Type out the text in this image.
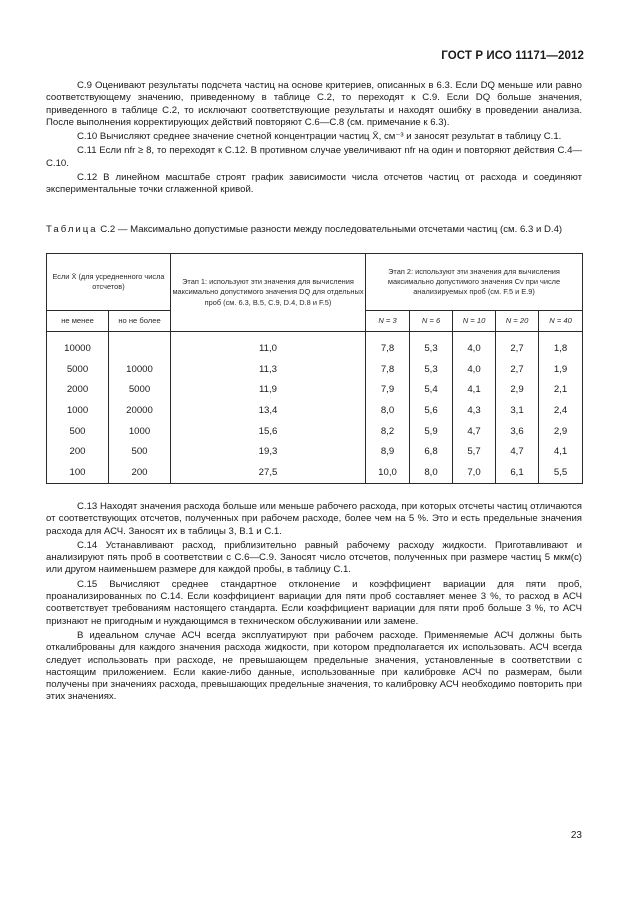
ГОСТ Р ИСО 11171—2012

С.9 Оценивают результаты подсчета частиц на основе критериев, описанных в 6.3. Если DQ меньше или равно соответствующему значению, приведенному в таблице С.2, то переходят к С.9. Если DQ больше значения, приведенного в таблице С.2, то исключают соответствующие результаты и находят ошибку в проведении анализа. После выполнения корректирующих действий повторяют С.6—С.8 (см. примечание к 6.3).

С.10 Вычисляют среднее значение счетной концентрации частиц X̄, см⁻³ и заносят результат в таблицу С.1.

С.11 Если nfr ≥ 8, то переходят к С.12. В противном случае увеличивают nfr на один и повторяют действия С.4—С.10.

С.12 В линейном масштабе строят график зависимости числа отсчетов частиц от расхода и соединяют экспериментальные точки сглаженной кривой.

Таблица С.2 — Максимально допустимые разности между последовательными отсчетами частиц (см. 6.3 и D.4)
Если X̄ (для усредненного числа отсчетов)		Этап 1: используют эти значения для вычисления максимально допустимого значения DQ для отдельных проб (см. 6.3, В.5, С.9, D.4, D.8 и F.5)	Этап 2: используют эти значения для вычисления максимально допустимого значения Cv при числе анализируемых проб (см. F.5 и Е.9)				
не менее	но не более		N = 3	N = 6	N = 10	N = 20	N = 40

10000		11,0	7,8	5,3	4,0	2,7	1,8
5000	10000	11,3	7,8	5,3	4,0	2,7	1,9
2000	5000	11,9	7,9	5,4	4,1	2,9	2,1
1000	20000	13,4	8,0	5,6	4,3	3,1	2,4
500	1000	15,6	8,2	5,9	4,7	3,6	2,9
200	500	19,3	8,9	6,8	5,7	4,7	4,1
100	200	27,5	10,0	8,0	7,0	6,1	5,5

С.13 Находят значения расхода больше или меньше рабочего расхода, при которых отсчеты частиц отличаются от соответствующих отсчетов, полученных при рабочем расходе, более чем на 5 %. Это и есть предельные значения расхода для АСЧ. Заносят их в таблицы 3, В.1 и С.1.

С.14 Устанавливают расход, приблизительно равный рабочему расходу жидкости. Приготавливают и анализируют пять проб в соответствии с С.6—С.9. Заносят число отсчетов, полученных при размере частиц 5 мкм(с) или другом наименьшем размере для каждой пробы, в таблицу С.1.

С.15 Вычисляют среднее стандартное отклонение и коэффициент вариации для пяти проб, проанализированных по С.14. Если коэффициент вариации для пяти проб составляет менее 3 %, то расход в АСЧ соответствует требованиям настоящего стандарта. Если коэффициент вариации для пяти проб больше 3 %, то АСЧ признают не пригодным и нуждающимся в техническом обслуживании или замене.

В идеальном случае АСЧ всегда эксплуатируют при рабочем расходе. Применяемые АСЧ должны быть откалиброваны для каждого значения расхода жидкости, при котором предполагается их использовать. АСЧ всегда следует использовать при расходе, не превышающем предельные значения, установленные в соответствии с настоящим приложением. Если какие-либо данные, использованные при калибровке АСЧ по размерам, были получены при значениях расхода, превышающих предельные значения, то калибровку АСЧ необходимо повторить при этих значениях.

23
